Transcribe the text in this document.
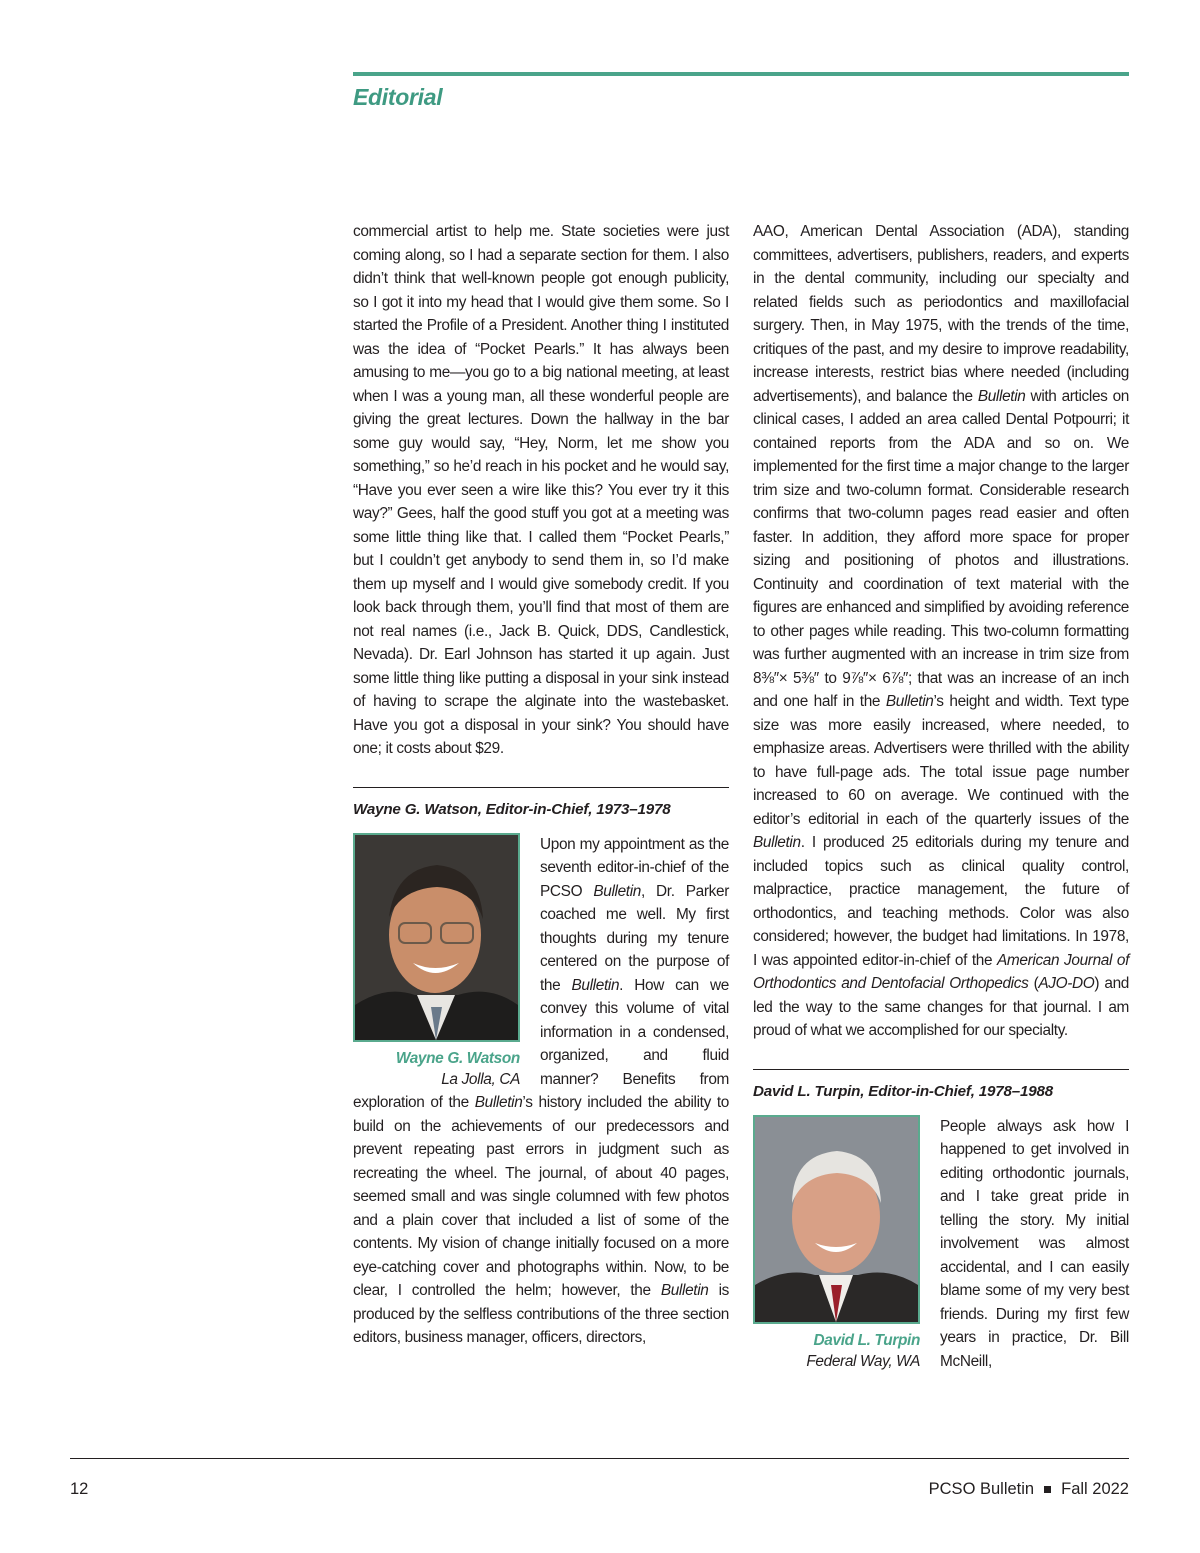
Editorial

commercial artist to help me. State societies were just coming along, so I had a separate section for them. I also didn’t think that well-known people got enough publicity, so I got it into my head that I would give them some. So I started the Profile of a President. Another thing I instituted was the idea of “Pocket Pearls.” It has always been amusing to me—you go to a big national meeting, at least when I was a young man, all these wonderful people are giving the great lectures. Down the hallway in the bar some guy would say, “Hey, Norm, let me show you something,” so he’d reach in his pocket and he would say, “Have you ever seen a wire like this? You ever try it this way?” Gees, half the good stuff you got at a meeting was some little thing like that. I called them “Pocket Pearls,” but I couldn’t get anybody to send them in, so I’d make them up myself and I would give somebody credit. If you look back through them, you’ll find that most of them are not real names (i.e., Jack B. Quick, DDS, Candlestick, Nevada). Dr. Earl Johnson has started it up again. Just some little thing like putting a disposal in your sink instead of having to scrape the alginate into the wastebasket. Have you got a disposal in your sink? You should have one; it costs about $29.

Wayne G. Watson, Editor-in-Chief, 1973–1978
Wayne G. Watson
La Jolla, CA

Upon my appointment as the seventh editor-in-chief of the PCSO Bulletin, Dr. Parker coached me well. My first thoughts during my tenure centered on the purpose of the Bulletin. How can we convey this volume of vital information in a condensed, organized, and fluid manner? Benefits from exploration of the Bulletin’s history included the ability to build on the achievements of our predecessors and prevent repeating past errors in judgment such as recreating the wheel. The journal, of about 40 pages, seemed small and was single columned with few photos and a plain cover that included a list of some of the contents. My vision of change initially focused on a more eye-catching cover and photographs within. Now, to be clear, I controlled the helm; however, the Bulletin is produced by the selfless contributions of the three section editors, business manager, officers, directors,

AAO, American Dental Association (ADA), standing committees, advertisers, publishers, readers, and experts in the dental community, including our specialty and related fields such as periodontics and maxillofacial surgery. Then, in May 1975, with the trends of the time, critiques of the past, and my desire to improve readability, increase interests, restrict bias where needed (including advertisements), and balance the Bulletin with articles on clinical cases, I added an area called Dental Potpourri; it contained reports from the ADA and so on. We implemented for the first time a major change to the larger trim size and two-column format. Considerable research confirms that two-column pages read easier and often faster. In addition, they afford more space for proper sizing and positioning of photos and illustrations. Continuity and coordination of text material with the figures are enhanced and simplified by avoiding reference to other pages while reading. This two-column formatting was further augmented with an increase in trim size from 8⅜″× 5⅜″ to 9⅞″× 6⅞″; that was an increase of an inch and one half in the Bulletin’s height and width. Text type size was more easily increased, where needed, to emphasize areas. Advertisers were thrilled with the ability to have full-page ads. The total issue page number increased to 60 on average. We continued with the editor’s editorial in each of the quarterly issues of the Bulletin. I produced 25 editorials during my tenure and included topics such as clinical quality control, malpractice, practice management, the future of orthodontics, and teaching methods. Color was also considered; however, the budget had limitations. In 1978, I was appointed editor-in-chief of the American Journal of Orthodontics and Dentofacial Orthopedics (AJO-DO) and led the way to the same changes for that journal. I am proud of what we accomplished for our specialty.

David L. Turpin, Editor-in-Chief, 1978–1988
David L. Turpin
Federal Way, WA

People always ask how I happened to get involved in editing orthodontic journals, and I take great pride in telling the story. My initial involvement was almost accidental, and I can easily blame some of my very best friends. During my first few years in practice, Dr. Bill McNeill,

12	PCSO Bulletin Fall 2022
